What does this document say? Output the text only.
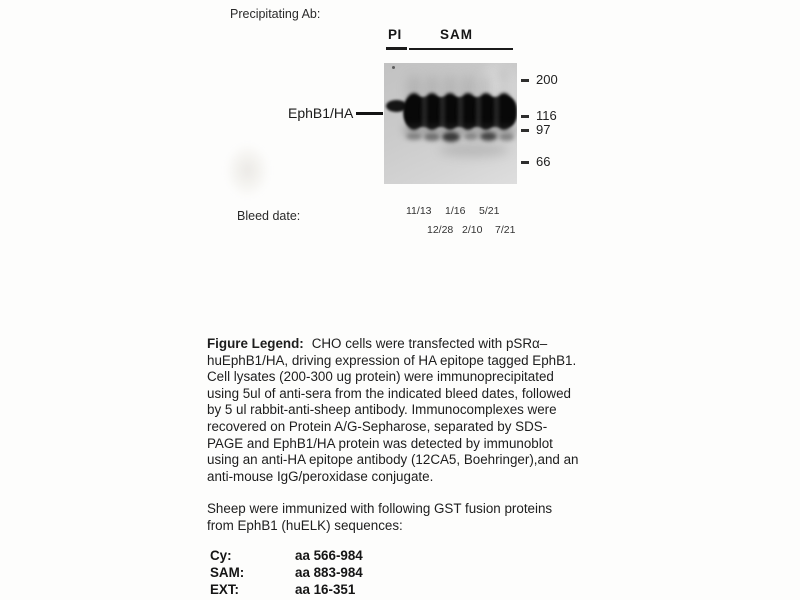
Precipitating Ab:
PI	SAM
200
116
97
66
EphB1/HA
Bleed date:	11/13 1/16 5/21
12/28 2/10 7/21
Figure Legend: CHO cells were transfected with pSRα–
huEphB1/HA, driving expression of HA epitope tagged EphB1.
Cell lysates (200-300 ug protein) were immunoprecipitated
using 5ul of anti-sera from the indicated bleed dates, followed
by 5 ul rabbit-anti-sheep antibody. Immunocomplexes were
recovered on Protein A/G-Sepharose, separated by SDS-
PAGE and EphB1/HA protein was detected by immunoblot
using an anti-HA epitope antibody (12CA5, Boehringer),and an
anti-mouse IgG/peroxidase conjugate.
Sheep were immunized with following GST fusion proteins
from EphB1 (huELK) sequences:
Cy:	aa 566-984
SAM:	aa 883-984
EXT:	aa 16-351
